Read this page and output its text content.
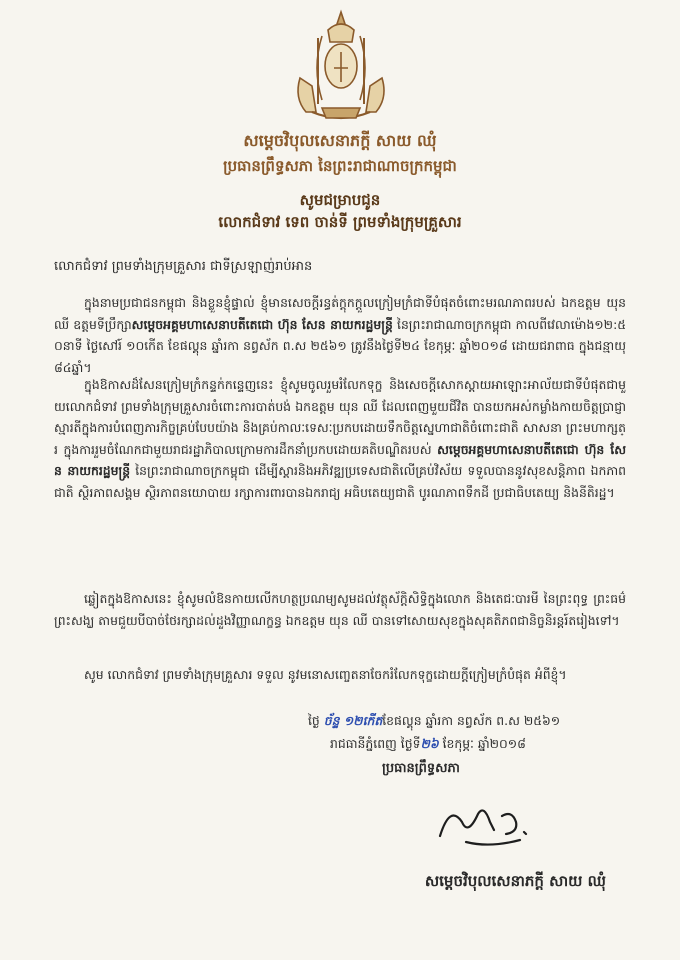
សម្តេចវិបុលសេនាភក្តី សាយ ឈុំ
ប្រធានព្រឹទ្ធសភា នៃព្រះរាជាណាចក្រកម្ពុជា
សូមជម្រាបជូន
លោកជំទាវ ទេព ចាន់ទី ព្រមទាំងក្រុមគ្រួសារ
លោកជំទាវ ព្រមទាំងក្រុមគ្រួសារ ជាទីស្រឡាញ់រាប់អាន
ក្នុងនាមប្រជាជនកម្ពុជា និងខ្លួនខ្ញុំផ្ទាល់ ខ្ញុំមានសេចក្តីរន្ធត់ក្តុកក្តួលក្រៀមក្រំជាទីបំផុតចំពោះមរណភាពរបស់ ឯកឧត្តម យុន ឈី ឧត្តមទីប្រឹក្សាសម្តេចអគ្គមហាសេនាបតីតេជោ ហ៊ុន សែន នាយករដ្ឋមន្ត្រី នៃព្រះរាជាណាចក្រកម្ពុជា កាលពីវេលាម៉ោង១២:៥០នាទី ថ្ងៃសៅរ៍ ១០កើត ខែផល្គុន ឆ្នាំរកា នព្វស័ក ព.ស ២៥៦១ ត្រូវនឹងថ្ងៃទី២៤ ខែកុម្ភៈ ឆ្នាំ២០១៨ ដោយជរាពាធ ក្នុងជន្មាយុ ៨៤ឆ្នាំ។
ក្នុងឱកាសដ៏សែនក្រៀមក្រំកន្ទក់កន្ទេញនេះ ខ្ញុំសូមចូលរួមរំលែកទុក្ខ និងសេចក្តីសោកស្តាយអាឡោះអាល័យជាទីបំផុតជាមួយលោកជំទាវ ព្រមទាំងក្រុមគ្រួសារចំពោះការបាត់បង់ ឯកឧត្តម យុន ឈី ដែលពេញមួយជីវិត បានយកអស់កម្លាំងកាយចិត្តប្រាជ្ញាស្មារតីក្នុងការបំពេញភារកិច្ចគ្រប់បែបយ៉ាង និងគ្រប់កាលៈទេសៈប្រកបដោយទឹកចិត្តស្នេហាជាតិចំពោះជាតិ សាសនា ព្រះមហាក្សត្រ ក្នុងការរួមចំណែកជាមួយរាជរដ្ឋាភិបាលក្រោមការដឹកនាំប្រកបដោយគតិបណ្ឌិតរបស់ សម្តេចអគ្គមហាសេនាបតីតេជោ ហ៊ុន សែន នាយករដ្ឋមន្ត្រី នៃព្រះរាជាណាចក្រកម្ពុជា ដើម្បីស្តារនិងអភិវឌ្ឍប្រទេសជាតិលើគ្រប់វិស័យ ទទួលបាននូវសុខសន្តិភាព ឯកភាពជាតិ ស្ថិរភាពសង្គម ស្ថិរភាពនយោបាយ រក្សាការពារបានឯករាជ្យ អធិបតេយ្យជាតិ បូរណភាពទឹកដី ប្រជាធិបតេយ្យ និងនីតិរដ្ឋ។
ឆ្លៀតក្នុងឱកាសនេះ ខ្ញុំសូមលំឱនកាយលើកហត្ថប្រណម្យសូមដល់វត្ថុស័ក្តិសិទ្ធិក្នុងលោក និងតេជៈបារមី នៃព្រះពុទ្ធ ព្រះធម៌ ព្រះសង្ឃ តាមជួយបីបាច់ថែរក្សាដល់ដួងវិញ្ញាណក្ខន្ធ ឯកឧត្តម យុន ឈី បានទៅសោយសុខក្នុងសុគតិភពជានិច្ចនិរន្តរ៍តរៀងទៅ។
សូម លោកជំទាវ ព្រមទាំងក្រុមគ្រួសារ ទទួល នូវមនោសញ្ចេតនាចែករំលែកទុក្ខដោយក្តីក្រៀមក្រំបំផុត អំពីខ្ញុំ។
ថ្ងៃ ច័ន្ទ ១២កើតខែផល្គុន ឆ្នាំរកា នព្វស័ក ព.ស ២៥៦១
រាជធានីភ្នំពេញ ថ្ងៃទី២៦ ខែកុម្ភៈ ឆ្នាំ២០១៨
ប្រធានព្រឹទ្ធសភា
សម្តេចវិបុលសេនាភក្តី សាយ ឈុំ
